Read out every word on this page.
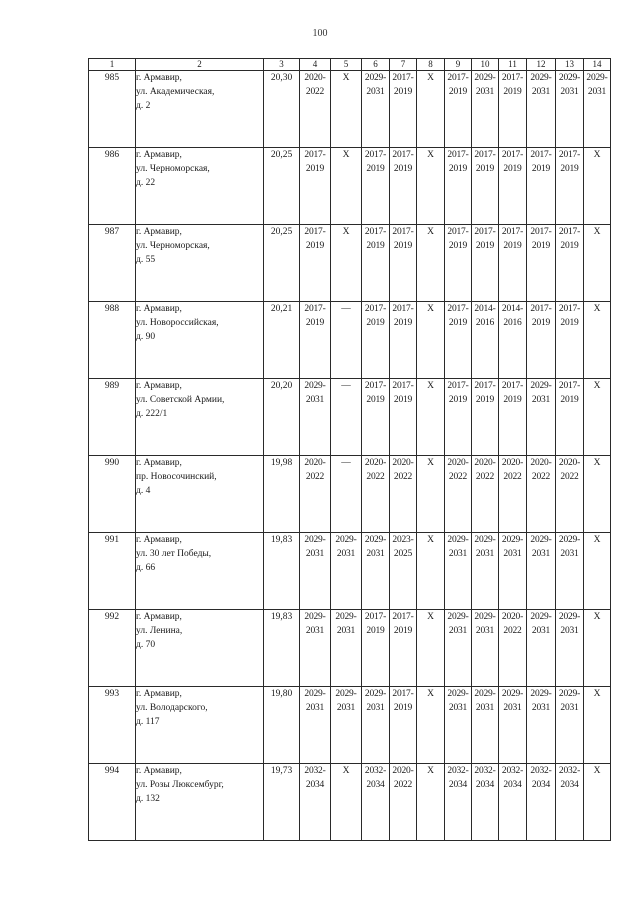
100
1	2	3	4	5	6	7	8	9	10	11	12	13	14
985	г. Армавир,
ул. Академическая,
д. 2	20,30	2020-
2022	X	2029-
2031	2017-
2019	X	2017-
2019	2029-
2031	2017-
2019	2029-
2031	2029-
2031	2029-
2031

986	г. Армавир,
ул. Черноморская,
д. 22	20,25	2017-
2019	X	2017-
2019	2017-
2019	X	2017-
2019	2017-
2019	2017-
2019	2017-
2019	2017-
2019	X

987	г. Армавир,
ул. Черноморская,
д. 55	20,25	2017-
2019	X	2017-
2019	2017-
2019	X	2017-
2019	2017-
2019	2017-
2019	2017-
2019	2017-
2019	X

988	г. Армавир,
ул. Новороссийская,
д. 90	20,21	2017-
2019	—	2017-
2019	2017-
2019	X	2017-
2019	2014-
2016	2014-
2016	2017-
2019	2017-
2019	X

989	г. Армавир,
ул. Советской Армии,
д. 222/1	20,20	2029-
2031	—	2017-
2019	2017-
2019	X	2017-
2019	2017-
2019	2017-
2019	2029-
2031	2017-
2019	X

990	г. Армавир,
пр. Новосочинский,
д. 4	19,98	2020-
2022	—	2020-
2022	2020-
2022	X	2020-
2022	2020-
2022	2020-
2022	2020-
2022	2020-
2022	X

991	г. Армавир,
ул. 30 лет Победы,
д. 66	19,83	2029-
2031	2029-
2031	2029-
2031	2023-
2025	X	2029-
2031	2029-
2031	2029-
2031	2029-
2031	2029-
2031	X

992	г. Армавир,
ул. Ленина,
д. 70	19,83	2029-
2031	2029-
2031	2017-
2019	2017-
2019	X	2029-
2031	2029-
2031	2020-
2022	2029-
2031	2029-
2031	X

993	г. Армавир,
ул. Володарского,
д. 117	19,80	2029-
2031	2029-
2031	2029-
2031	2017-
2019	X	2029-
2031	2029-
2031	2029-
2031	2029-
2031	2029-
2031	X

994	г. Армавир,
ул. Розы Люксембург,
д. 132	19,73	2032-
2034	X	2032-
2034	2020-
2022	X	2032-
2034	2032-
2034	2032-
2034	2032-
2034	2032-
2034	X
